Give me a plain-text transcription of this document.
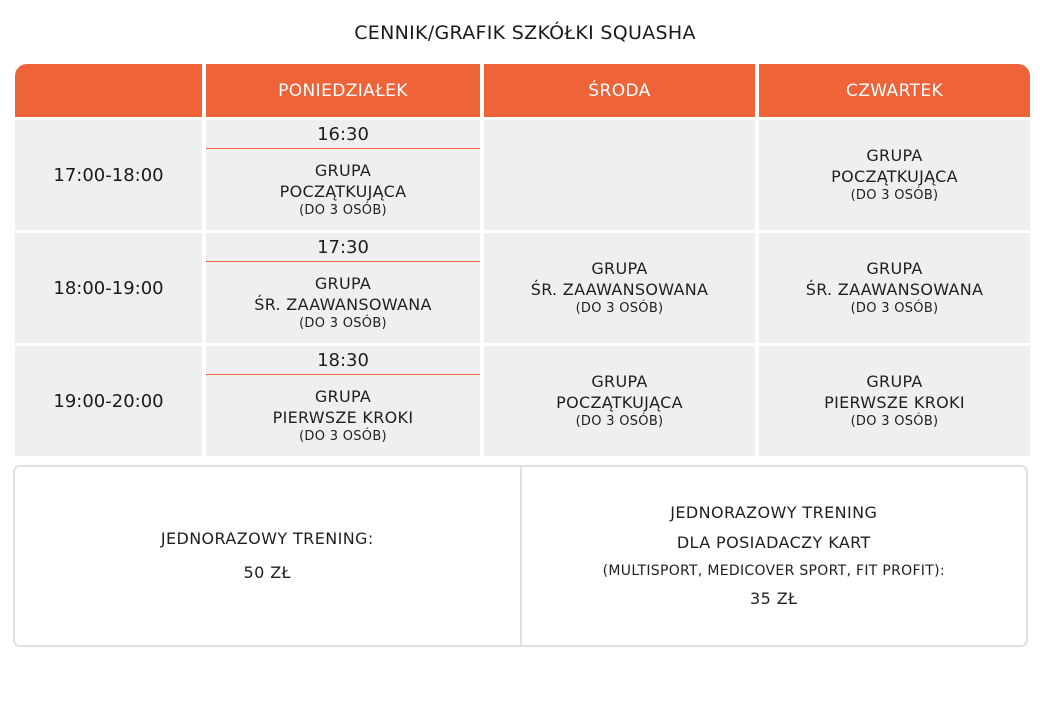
CENNIK/GRAFIK SZKÓŁKI SQUASHA
PONIEDZIAŁEK	ŚRODA	CZWARTEK
17:00-18:00
16:30
GRUPA
POCZĄTKUJĄCA
(DO 3 OSÓB)
GRUPA
POCZĄTKUJĄCA
(DO 3 OSÓB)
18:00-19:00
17:30
GRUPA
ŚR. ZAAWANSOWANA
(DO 3 OSÓB)
GRUPA
ŚR. ZAAWANSOWANA
(DO 3 OSÓB)
GRUPA
ŚR. ZAAWANSOWANA
(DO 3 OSÓB)
19:00-20:00
18:30
GRUPA
PIERWSZE KROKI
(DO 3 OSÓB)
GRUPA
POCZĄTKUJĄCA
(DO 3 OSÓB)
GRUPA
PIERWSZE KROKI
(DO 3 OSÓB)
JEDNORAZOWY TRENING:
50 ZŁ
JEDNORAZOWY TRENING
DLA POSIADACZY KART
(MULTISPORT, MEDICOVER SPORT, FIT PROFIT):
35 ZŁ
